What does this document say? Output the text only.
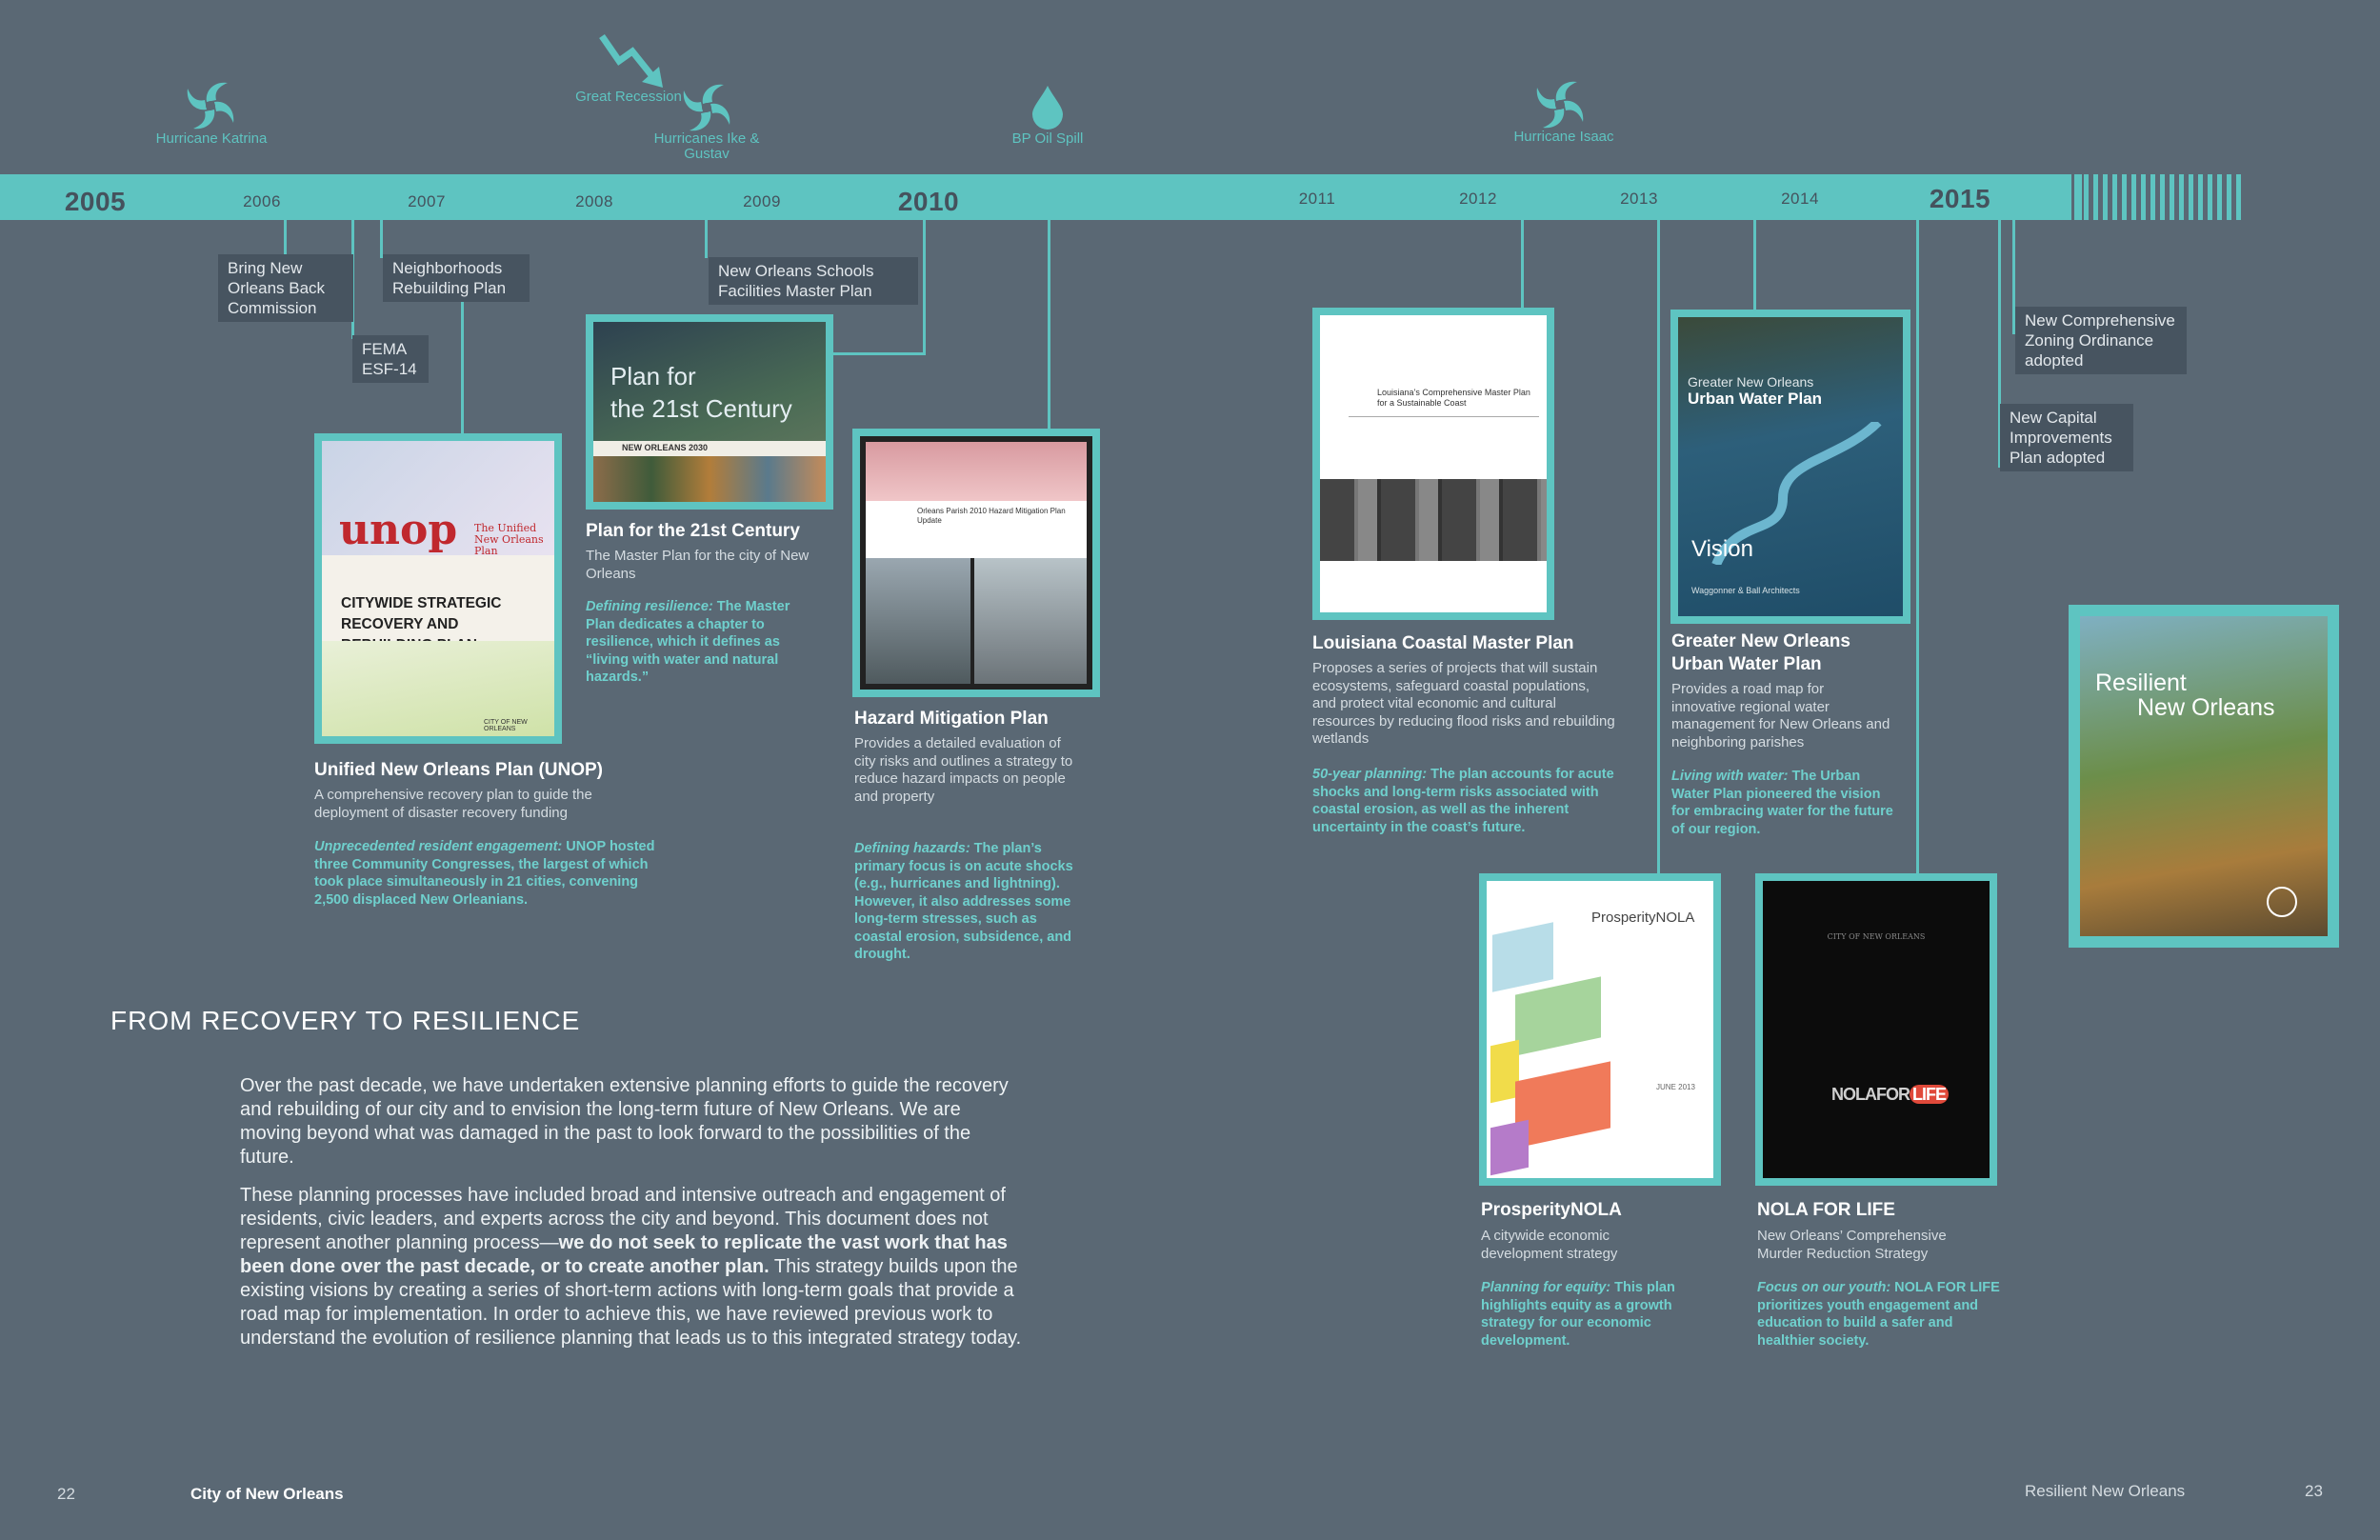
2005	2006	2007	2008	2009	2010	2011	2012	2013	2014	2015
Hurricane Katrina
Great Recession
Hurricanes Ike & Gustav
BP Oil Spill	Hurricane Isaac
Bring New Orleans Back Commission
FEMA ESF-14
Neighborhoods Rebuilding Plan
New Orleans Schools Facilities Master Plan
New Comprehensive Zoning Ordinance adopted
New Capital Improvements Plan adopted
unop The Unified New Orleans Plan
CITYWIDE STRATEGIC RECOVERY AND
CITY OF NEW ORLEANS
Unified New Orleans Plan (UNOP)
A comprehensive recovery plan to guide the deployment of disaster recovery funding
Unprecedented resident engagement: UNOP hosted three Community Congresses, the largest of which took place simultaneously in 21 cities, convening 2,500 displaced New Orleanians.
Plan for
the 21st Century
NEW ORLEANS 2030
Plan for the 21st Century
The Master Plan for the city of New Orleans
Defining resilience: The Master Plan dedicates a chapter to resilience, which it defines as “living with water and natural hazards.”
Orleans Parish 2010 Hazard Mitigation Plan Update
Hazard Mitigation Plan
Provides a detailed evaluation of city risks and outlines a strategy to reduce hazard impacts on people and property
Defining hazards: The plan’s primary focus is on acute shocks (e.g., hurricanes and lightning). However, it also addresses some long-term stresses, such as coastal erosion, subsidence, and drought.
Louisiana’s Comprehensive Master Plan for a Sustainable Coast
Louisiana Coastal Master Plan
Proposes a series of projects that will sustain ecosystems, safeguard coastal populations, and protect vital economic and cultural resources by reducing flood risks and rebuilding wetlands
50-year planning: The plan accounts for acute shocks and long-term risks associated with coastal erosion, as well as the inherent uncertainty in the coast’s future.
Greater New Orleans
Urban Water Plan
Vision
Waggonner & Ball Architects
Greater New Orleans Urban Water Plan
Provides a road map for innovative regional water management for New Orleans and neighboring parishes
Living with water: The Urban Water Plan pioneered the vision for embracing water for the future of our region.
ProsperityNOLA
JUNE 2013
ProsperityNOLA
A citywide economic development strategy
Planning for equity: This plan highlights equity as a growth strategy for our economic development.
CITY OF NEW ORLEANS
NOLAFOR LIFE
NOLA FOR LIFE
New Orleans’ Comprehensive Murder Reduction Strategy
Focus on our youth: NOLA FOR LIFE prioritizes youth engagement and education to build a safer and healthier society.
Resilient
New Orleans
FROM RECOVERY TO RESILIENCE
Over the past decade, we have undertaken extensive planning efforts to guide the recovery and rebuilding of our city and to envision the long-term future of New Orleans. We are moving beyond what was damaged in the past to look forward to the possibilities of the future.
These planning processes have included broad and intensive outreach and engagement of residents, civic leaders, and experts across the city and beyond. This document does not represent another planning process—we do not seek to replicate the vast work that has been done over the past decade, or to create another plan. This strategy builds upon the existing visions by creating a series of short-term actions with long-term goals that provide a road map for implementation. In order to achieve this, we have reviewed previous work to understand the evolution of resilience planning that leads us to this integrated strategy today.
22	City of New Orleans	Resilient New Orleans	23
